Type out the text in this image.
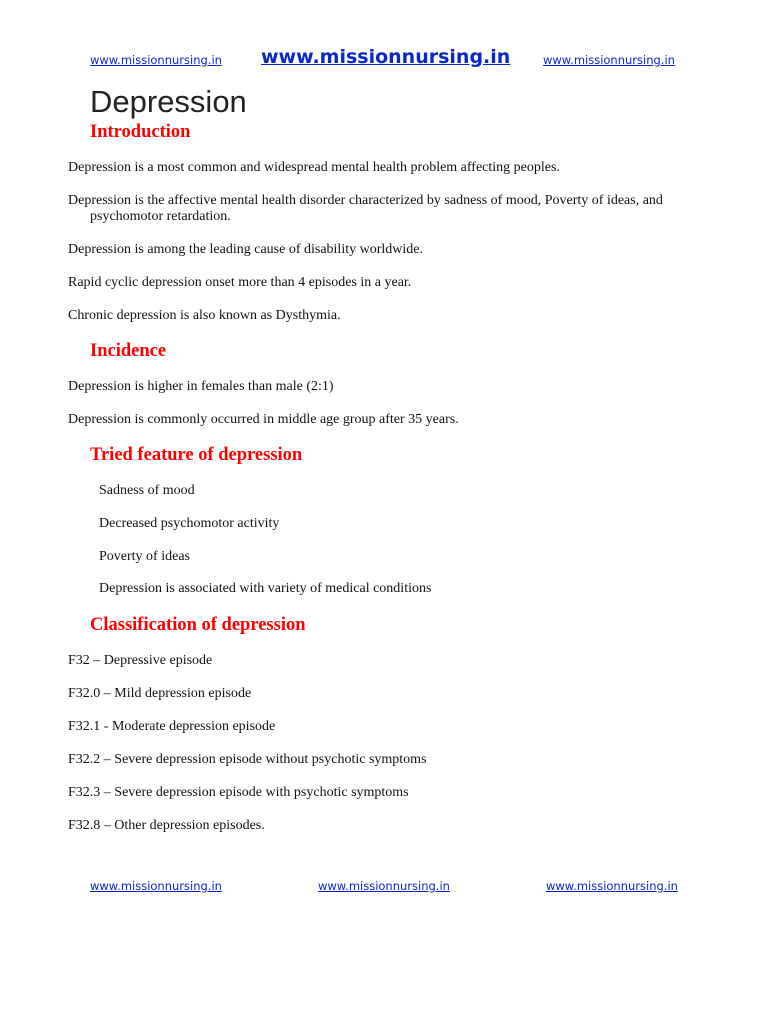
www.missionnursing.in www.missionnursing.in	www.missionnursing.in
Depression
Introduction

Depression is a most common and widespread mental health problem affecting peoples.

Depression is the affective mental health disorder characterized by sadness of mood, Poverty of ideas, and psychomotor retardation.

Depression is among the leading cause of disability worldwide.

Rapid cyclic depression onset more than 4 episodes in a year.

Chronic depression is also known as Dysthymia.

Incidence

Depression is higher in females than male (2:1)

Depression is commonly occurred in middle age group after 35 years.

Tried feature of depression

Sadness of mood

Decreased psychomotor activity

Poverty of ideas

Depression is associated with variety of medical conditions

Classification of depression

F32 – Depressive episode

F32.0 – Mild depression episode

F32.1 - Moderate depression episode

F32.2 – Severe depression episode without psychotic symptoms

F32.3 – Severe depression episode with psychotic symptoms

F32.8 – Other depression episodes.

www.missionnursing.in	www.missionnursing.in	www.missionnursing.in
